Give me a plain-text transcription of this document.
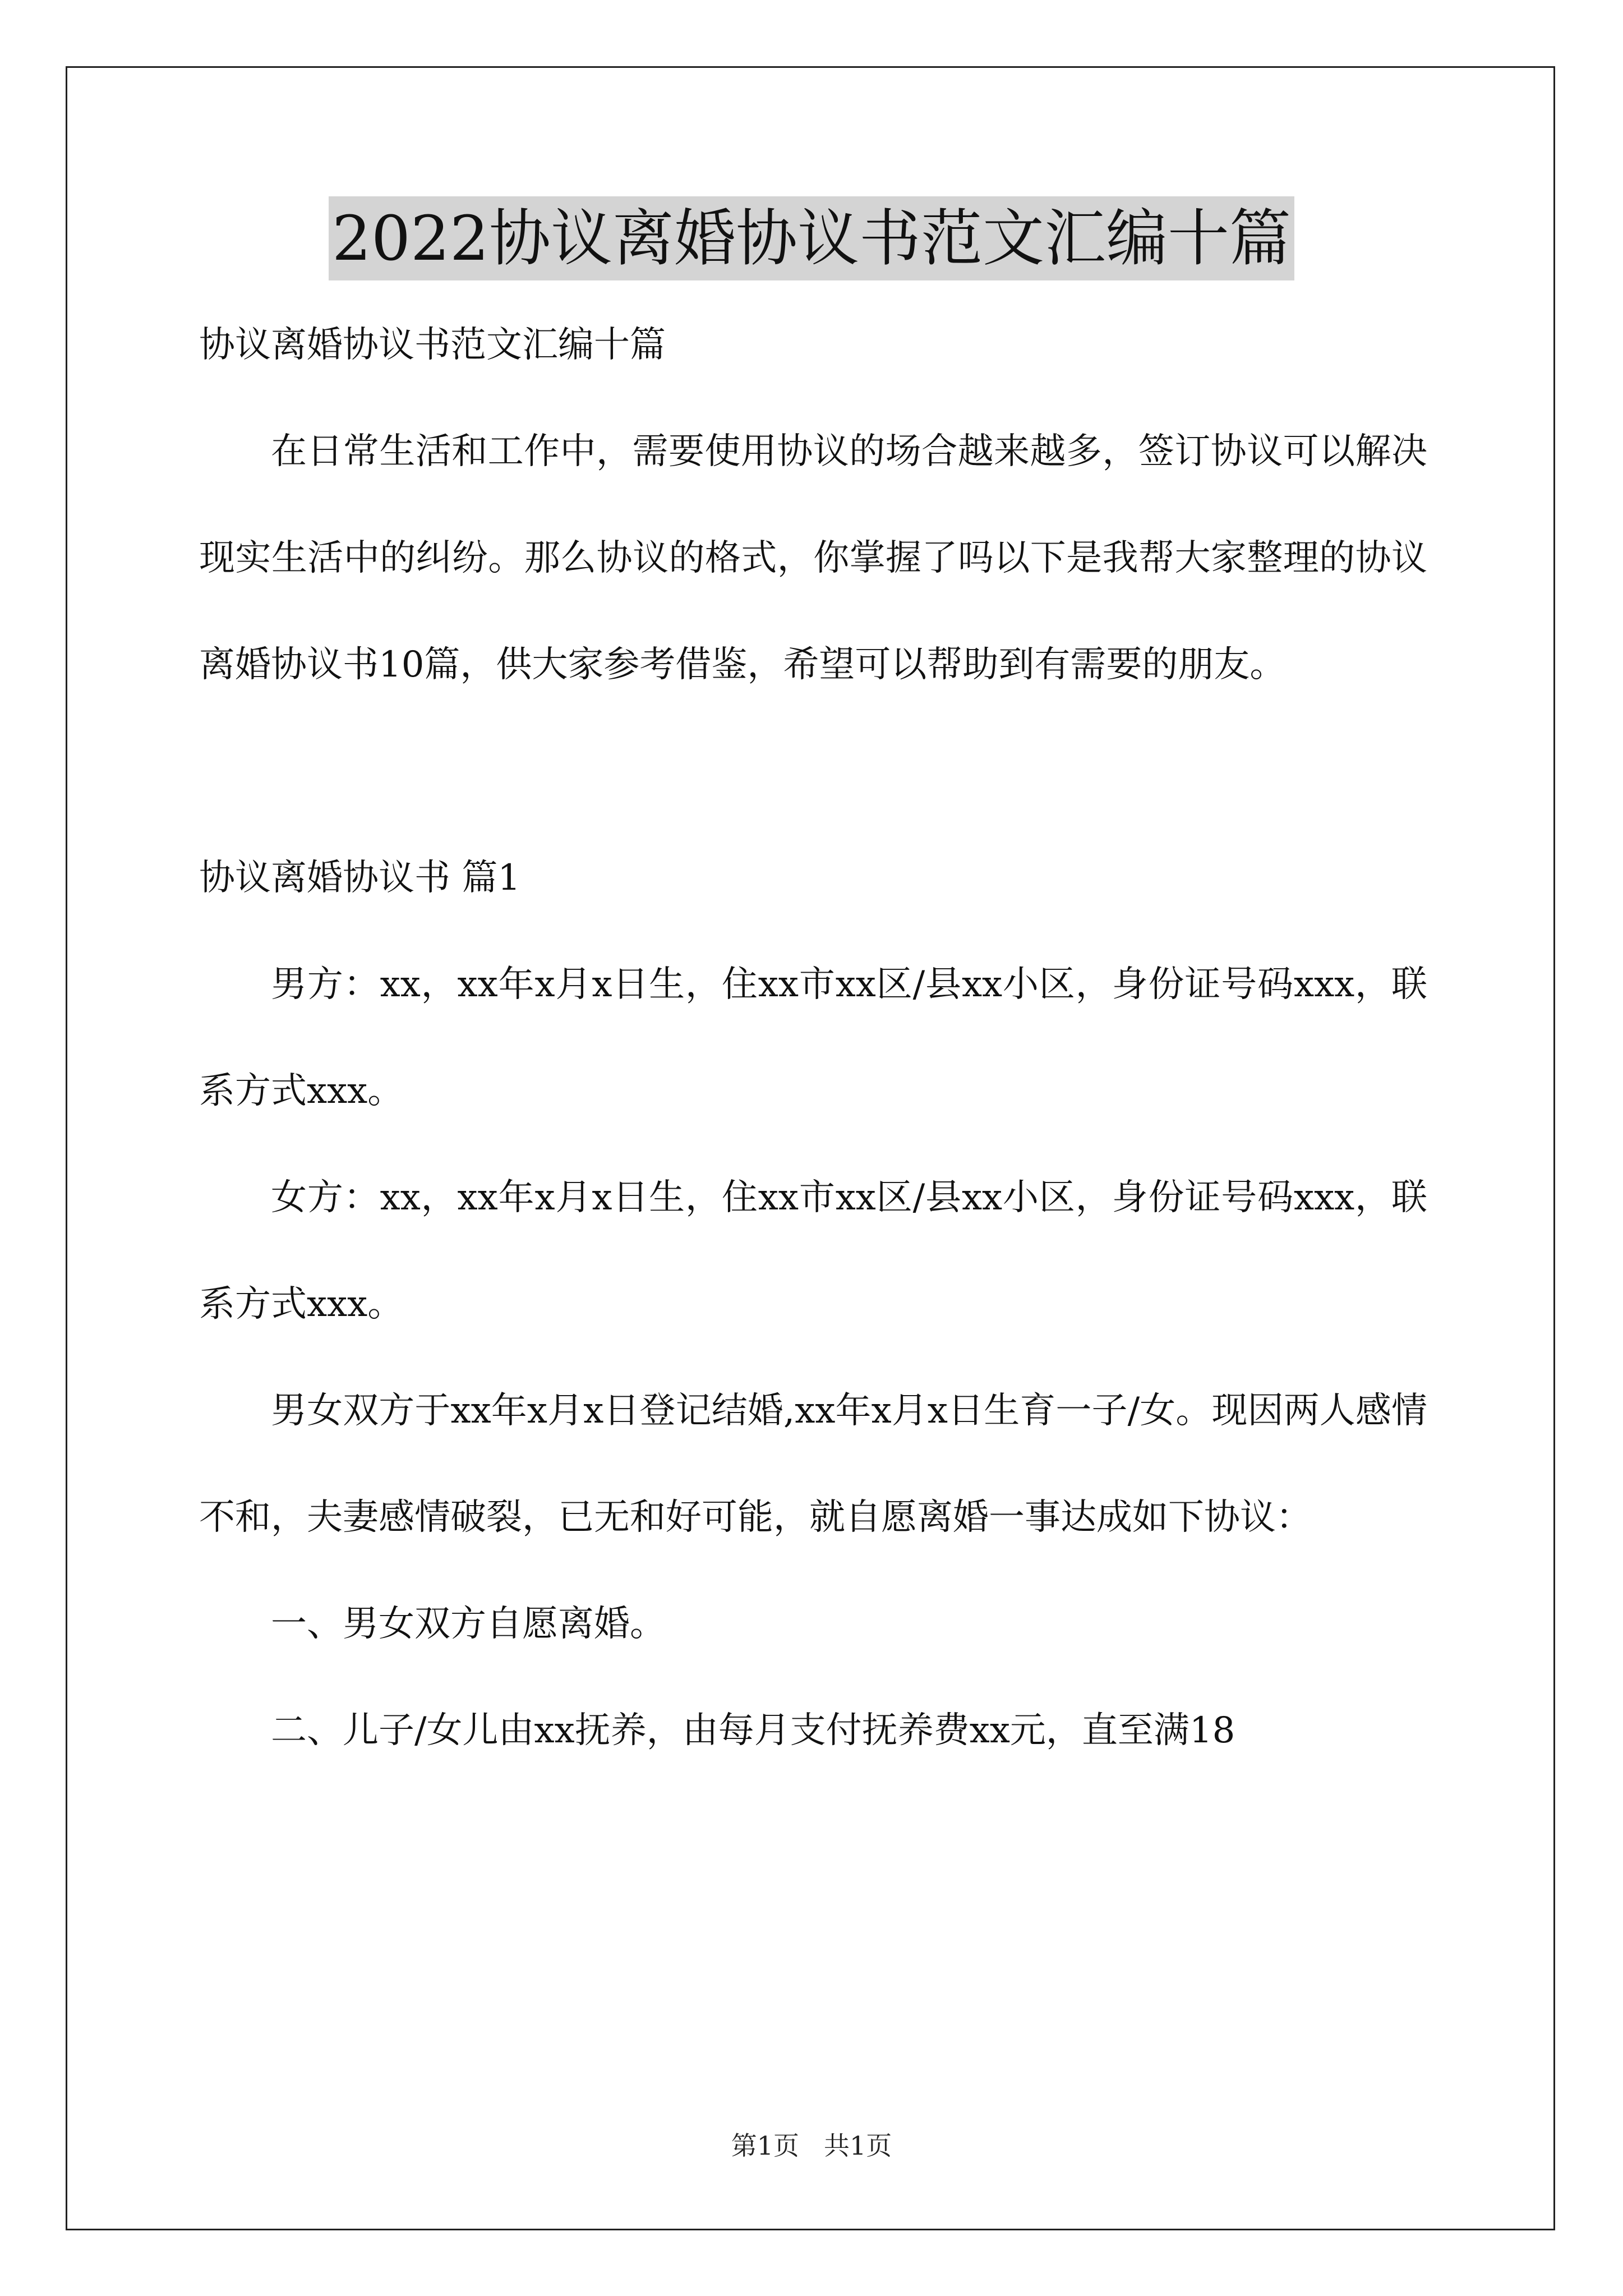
2022协议离婚协议书范文汇编十篇

协议离婚协议书范文汇编十篇

在日常生活和工作中，需要使用协议的场合越来越多，签订协议可以解决现实生活中的纠纷。那么协议的格式，你掌握了吗以下是我帮大家整理的协议离婚协议书10篇，供大家参考借鉴，希望可以帮助到有需要的朋友。

协议离婚协议书 篇1

男方：xx，xx年x月x日生，住xx市xx区/县xx小区，身份证号码xxx，联系方式xxx。

女方：xx，xx年x月x日生，住xx市xx区/县xx小区，身份证号码xxx，联系方式xxx。

男女双方于xx年x月x日登记结婚,xx年x月x日生育一子/女。现因两人感情不和，夫妻感情破裂，已无和好可能，就自愿离婚一事达成如下协议：

一、男女双方自愿离婚。

二、儿子/女儿由xx抚养，由每月支付抚养费xx元，直至满18

第1页 共1页
